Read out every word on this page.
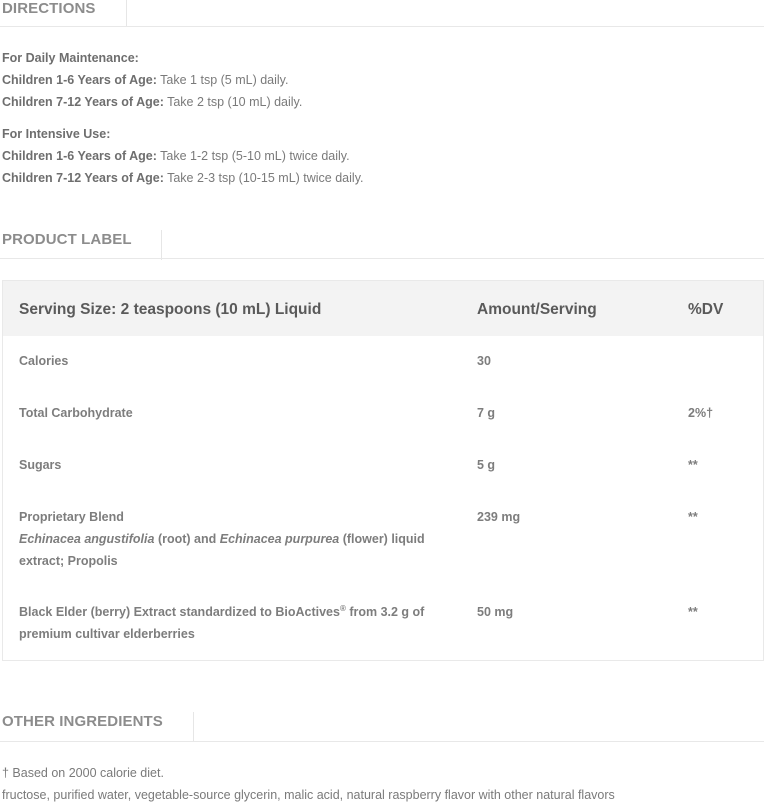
DIRECTIONS
For Daily Maintenance:
Children 1-6 Years of Age: Take 1 tsp (5 mL) daily.
Children 7-12 Years of Age: Take 2 tsp (10 mL) daily.
For Intensive Use:
Children 1-6 Years of Age: Take 1-2 tsp (5-10 mL) twice daily.
Children 7-12 Years of Age: Take 2-3 tsp (10-15 mL) twice daily.
PRODUCT LABEL
Serving Size: 2 teaspoons (10 mL) Liquid	Amount/Serving	%DV
Calories	30
Total Carbohydrate	7 g	2%†
Sugars	5 g	**
Proprietary Blend
Echinacea angustifolia (root) and Echinacea purpurea (flower) liquid extract; Propolis
239 mg	**
Black Elder (berry) Extract standardized to BioActives® from 3.2 g of premium cultivar elderberries
50 mg	**
OTHER INGREDIENTS
† Based on 2000 calorie diet.
fructose, purified water, vegetable-source glycerin, malic acid, natural raspberry flavor with other natural flavors
